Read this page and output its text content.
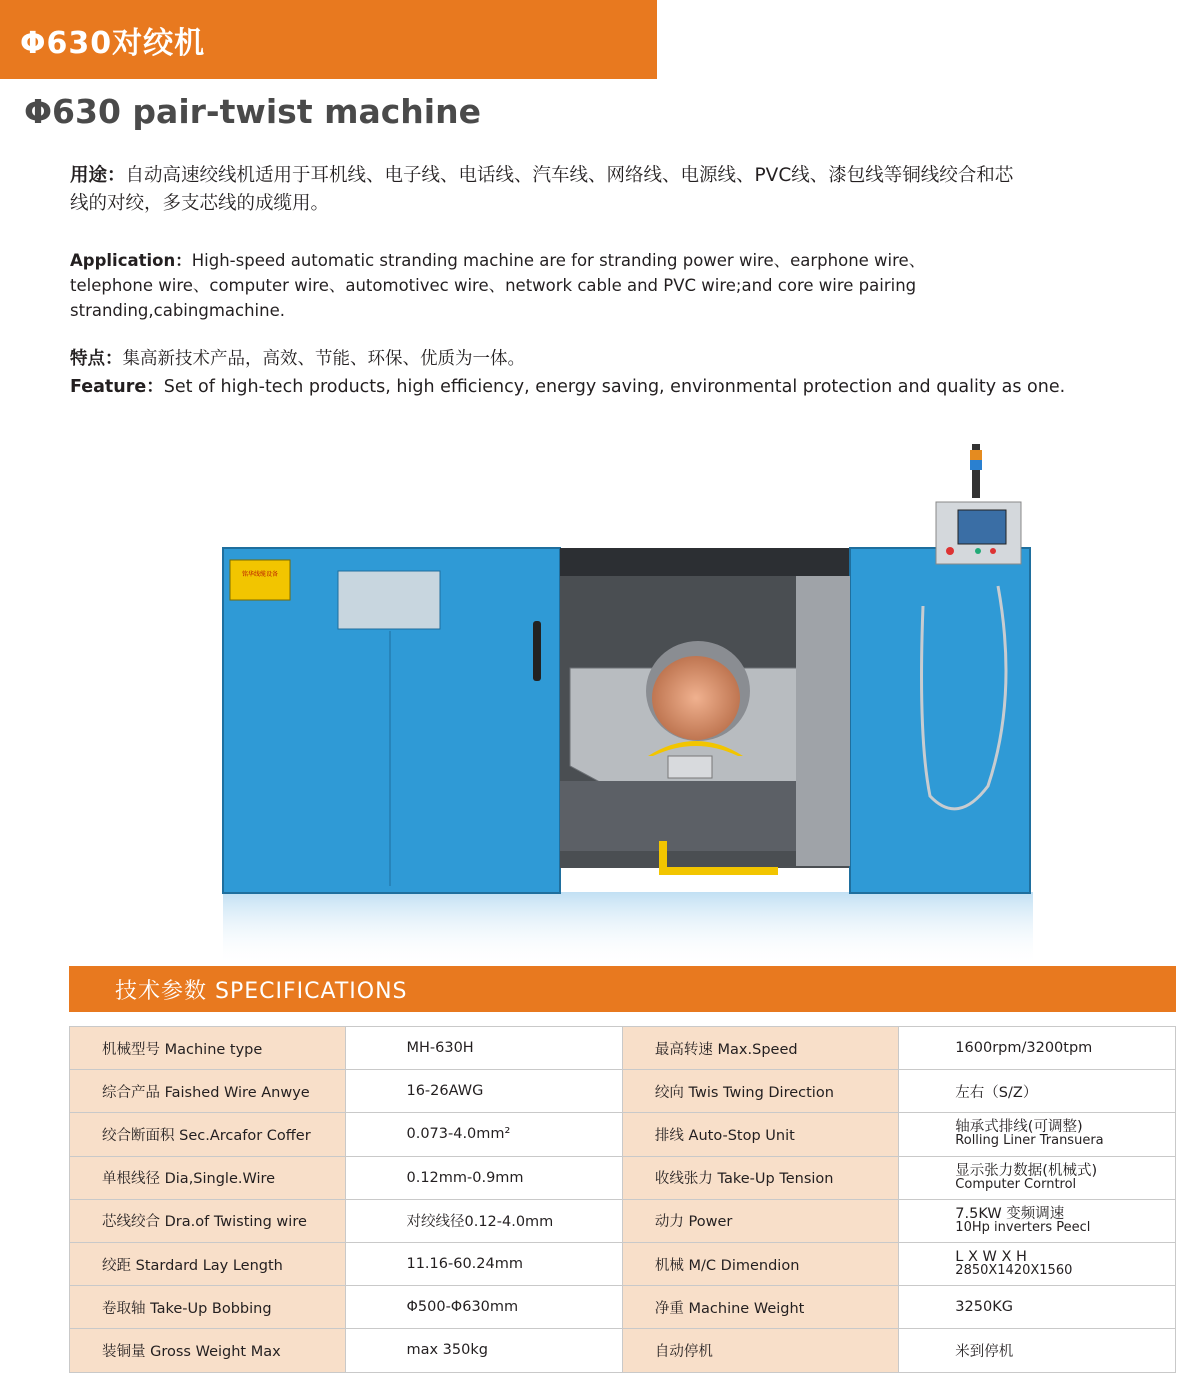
Φ630对绞机
Φ630 pair-twist machine
用途：自动高速绞线机适用于耳机线、电子线、电话线、汽车线、网络线、电源线、PVC线、漆包线等铜线绞合和芯线的对绞，多支芯线的成缆用。
Application：High-speed automatic stranding machine are for stranding power wire、earphone wire、telephone wire、computer wire、automotivec wire、network cable and PVC wire;and core wire pairing stranding,cabingmachine.
特点：集高新技术产品，高效、节能、环保、优质为一体。
Feature：Set of high-tech products, high efficiency, energy saving, environmental protection and quality as one.
铭华线缆设备
技术参数 SPECIFICATIONS
机械型号 Machine type	MH-630H	最高转速 Max.Speed	1600rpm/3200tpm
综合产品 Faished Wire Anwye	16-26AWG	绞向 Twis Twing Direction	左右（S/Z）
绞合断面积 Sec.Arcafor Coffer	0.073-4.0mm²	排线 Auto-Stop Unit	轴承式排线(可调整)
Rolling Liner Transuera

单根线径 Dia,Single.Wire	0.12mm-0.9mm	收线张力 Take-Up Tension	显示张力数据(机械式)
Computer Corntrol

芯线绞合 Dra.of Twisting wire	对绞线径0.12-4.0mm	动力 Power	7.5KW 变频调速
10Hp inverters Peecl

绞距 Stardard Lay Length	11.16-60.24mm	机械 M/C Dimendion	L X W X H
2850X1420X1560

卷取轴 Take-Up Bobbing	Φ500-Φ630mm	净重 Machine Weight	3250KG
装铜量 Gross Weight Max	max 350kg	自动停机	米到停机
